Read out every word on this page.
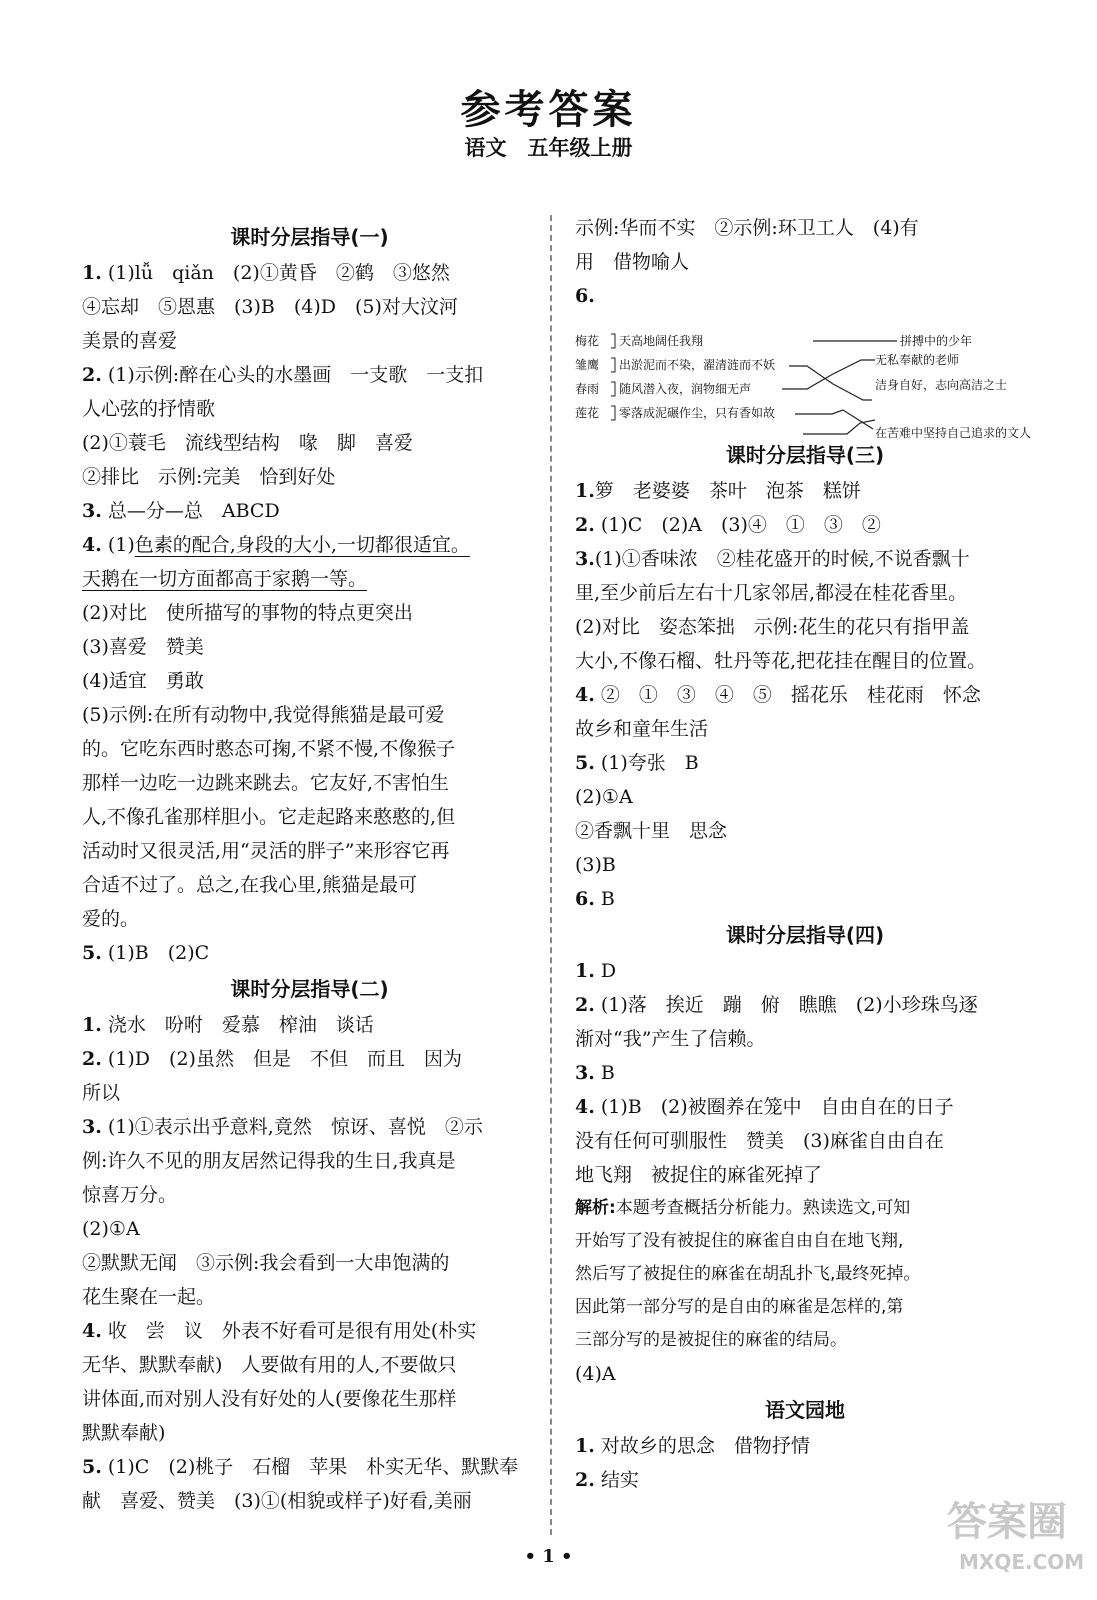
参考答案
语文　五年级上册
课时分层指导(一)
1. (1)lǚ　qiǎn　(2)①黄昏　②鹤　③悠然
④忘却　⑤恩惠　(3)B　(4)D　(5)对大汶河
美景的喜爱
2. (1)示例:醉在心头的水墨画　一支歌　一支扣
人心弦的抒情歌
(2)①蓑毛　流线型结构　喙　脚　喜爱
②排比　示例:完美　恰到好处
3. 总—分—总　ABCD
4. (1)色素的配合,身段的大小,一切都很适宜。
天鹅在一切方面都高于家鹅一等。
(2)对比　使所描写的事物的特点更突出
(3)喜爱　赞美
(4)适宜　勇敢
(5)示例:在所有动物中,我觉得熊猫是最可爱
的。它吃东西时憨态可掬,不紧不慢,不像猴子
那样一边吃一边跳来跳去。它友好,不害怕生
人,不像孔雀那样胆小。它走起路来憨憨的,但
活动时又很灵活,用“灵活的胖子”来形容它再
合适不过了。总之,在我心里,熊猫是最可
爱的。
5. (1)B　(2)C
课时分层指导(二)
1. 浇水　吩咐　爱慕　榨油　谈话
2. (1)D　(2)虽然　但是　不但　而且　因为
所以
3. (1)①表示出乎意料,竟然　惊讶、喜悦　②示
例:许久不见的朋友居然记得我的生日,我真是
惊喜万分。
(2)①A
②默默无闻　③示例:我会看到一大串饱满的
花生聚在一起。
4. 收　尝　议　外表不好看可是很有用处(朴实
无华、默默奉献)　人要做有用的人,不要做只
讲体面,而对别人没有好处的人(要像花生那样
默默奉献)
5. (1)C　(2)桃子　石榴　苹果　朴实无华、默默奉
献　喜爱、赞美　(3)①(相貌或样子)好看,美丽
示例:华而不实　②示例:环卫工人　(4)有
用　借物喻人
6.
梅花
雏鹰
春雨
莲花
天高地阔任我翔
出淤泥而不染，濯清涟而不妖
随风潜入夜，润物细无声
零落成泥碾作尘，只有香如故
拼搏中的少年
无私奉献的老师
洁身自好，志向高洁之士
在苦难中坚持自己追求的文人
课时分层指导(三)
1.箩　老婆婆　茶叶　泡茶　糕饼
2. (1)C　(2)A　(3)④　①　③　②
3.(1)①香味浓　②桂花盛开的时候,不说香飘十
里,至少前后左右十几家邻居,都浸在桂花香里。
(2)对比　姿态笨拙　示例:花生的花只有指甲盖
大小,不像石榴、牡丹等花,把花挂在醒目的位置。
4. ②　①　③　④　⑤　摇花乐　桂花雨　怀念
故乡和童年生活
5. (1)夸张　B
(2)①A
②香飘十里　思念
(3)B
6. B
课时分层指导(四)
1. D
2. (1)落　挨近　蹦　俯　瞧瞧　(2)小珍珠鸟逐
渐对“我”产生了信赖。
3. B
4. (1)B　(2)被圈养在笼中　自由自在的日子
没有任何可驯服性　赞美　(3)麻雀自由自在
地飞翔　被捉住的麻雀死掉了
解析:本题考查概括分析能力。熟读选文,可知
开始写了没有被捉住的麻雀自由自在地飞翔,
然后写了被捉住的麻雀在胡乱扑飞,最终死掉。
因此第一部分写的是自由的麻雀是怎样的,第
三部分写的是被捉住的麻雀的结局。
(4)A
语文园地
1. 对故乡的思念　借物抒情
2. 结实
• 1 •
答案圈
MXQE.COM
